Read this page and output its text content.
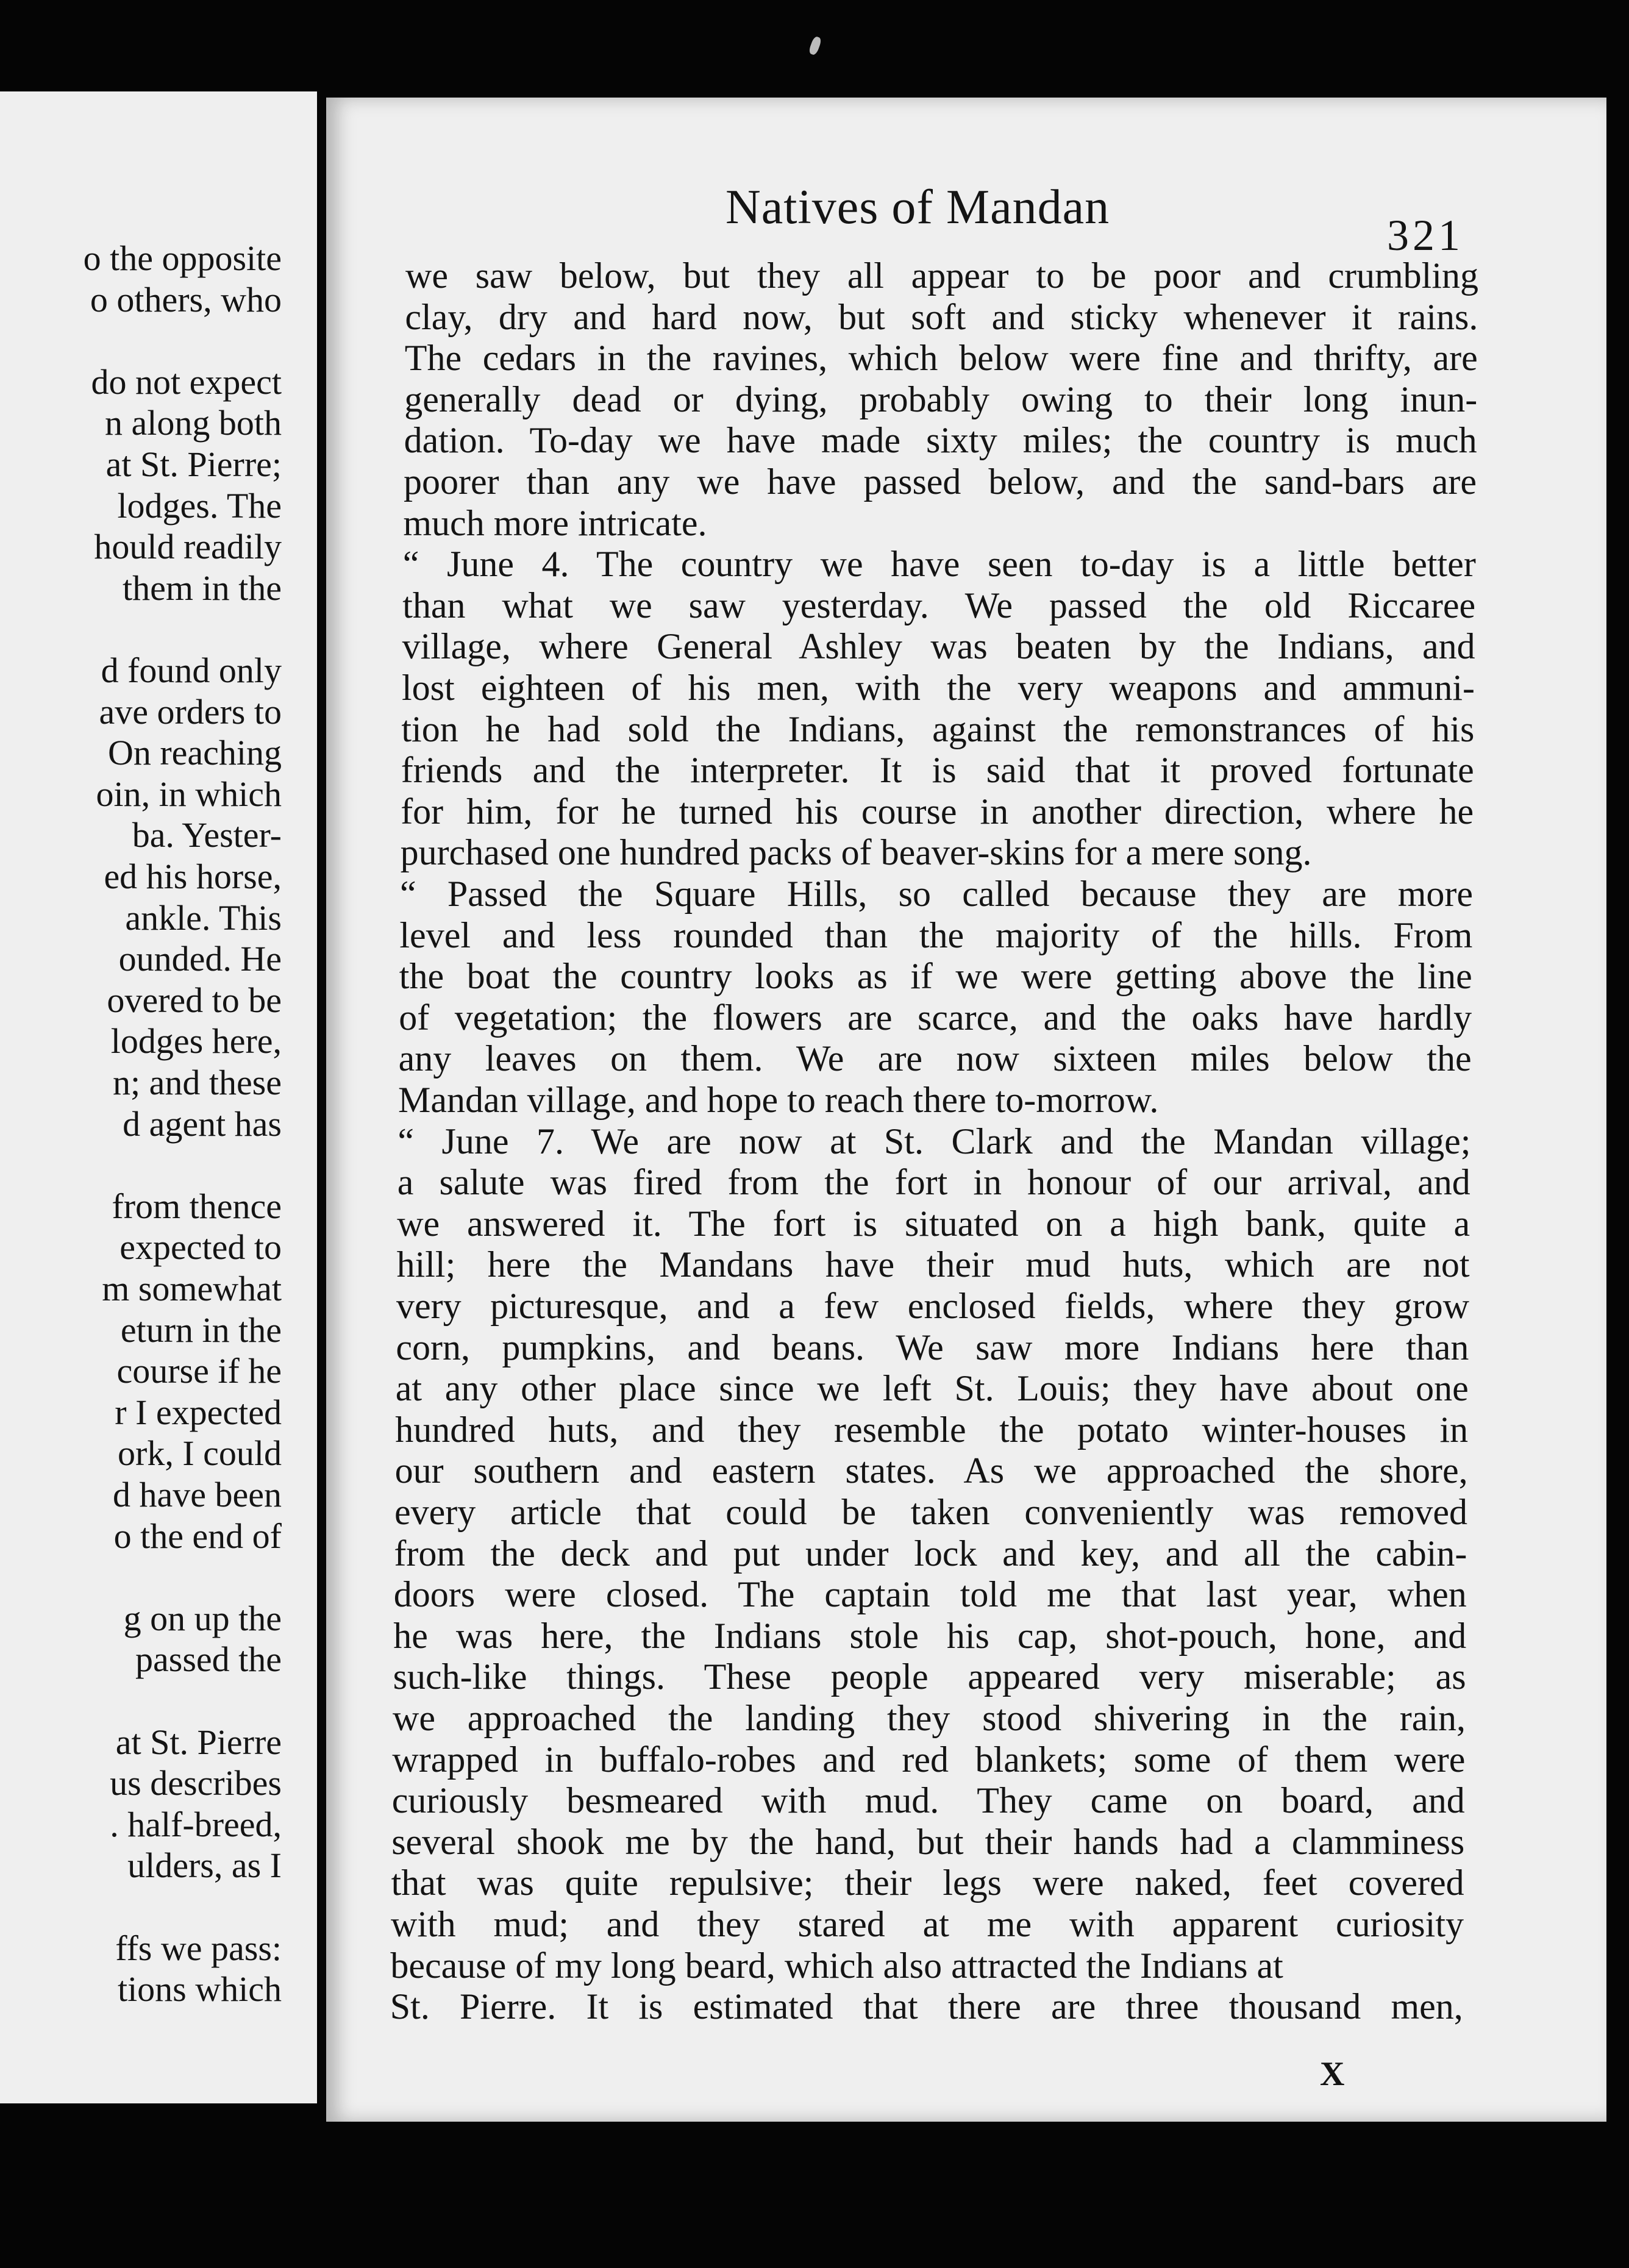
o the opposite
o others, who
do not expect
n along both
at St. Pierre;
lodges. The
hould readily
them in the
d found only
ave orders to
On reaching
oin, in which
ba. Yester-
ed his horse,
ankle. This
ounded. He
overed to be
lodges here,
n; and these
d agent has
from thence
expected to
m somewhat
eturn in the
course if he
r I expected
ork, I could
d have been
o the end of
g on up the
passed the
at St. Pierre
us describes
. half-breed,
ulders, as I
ffs we pass:
tions which
Natives of Mandan
321
X
we saw below, but they all appear to be poor and crumbling
clay, dry and hard now, but soft and sticky whenever it rains.
The cedars in the ravines, which below were fine and thrifty, are
generally dead or dying, probably owing to their long inun-
dation. To-day we have made sixty miles; the country is much
poorer than any we have passed below, and the sand-bars are
much more intricate.
“ June 4. The country we have seen to-day is a little better
than what we saw yesterday. We passed the old Riccaree
village, where General Ashley was beaten by the Indians, and
lost eighteen of his men, with the very weapons and ammuni-
tion he had sold the Indians, against the remonstrances of his
friends and the interpreter. It is said that it proved fortunate
for him, for he turned his course in another direction, where he
purchased one hundred packs of beaver-skins for a mere song.
“ Passed the Square Hills, so called because they are more
level and less rounded than the majority of the hills. From
the boat the country looks as if we were getting above the line
of vegetation; the flowers are scarce, and the oaks have hardly
any leaves on them. We are now sixteen miles below the
Mandan village, and hope to reach there to-morrow.
“ June 7. We are now at St. Clark and the Mandan village;
a salute was fired from the fort in honour of our arrival, and
we answered it. The fort is situated on a high bank, quite a
hill; here the Mandans have their mud huts, which are not
very picturesque, and a few enclosed fields, where they grow
corn, pumpkins, and beans. We saw more Indians here than
at any other place since we left St. Louis; they have about one
hundred huts, and they resemble the potato winter-houses in
our southern and eastern states. As we approached the shore,
every article that could be taken conveniently was removed
from the deck and put under lock and key, and all the cabin-
doors were closed. The captain told me that last year, when
he was here, the Indians stole his cap, shot-pouch, hone, and
such-like things. These people appeared very miserable; as
we approached the landing they stood shivering in the rain,
wrapped in buffalo-robes and red blankets; some of them were
curiously besmeared with mud. They came on board, and
several shook me by the hand, but their hands had a clamminess
that was quite repulsive; their legs were naked, feet covered
with mud; and they stared at me with apparent curiosity
because of my long beard, which also attracted the Indians at
St. Pierre. It is estimated that there are three thousand men,
